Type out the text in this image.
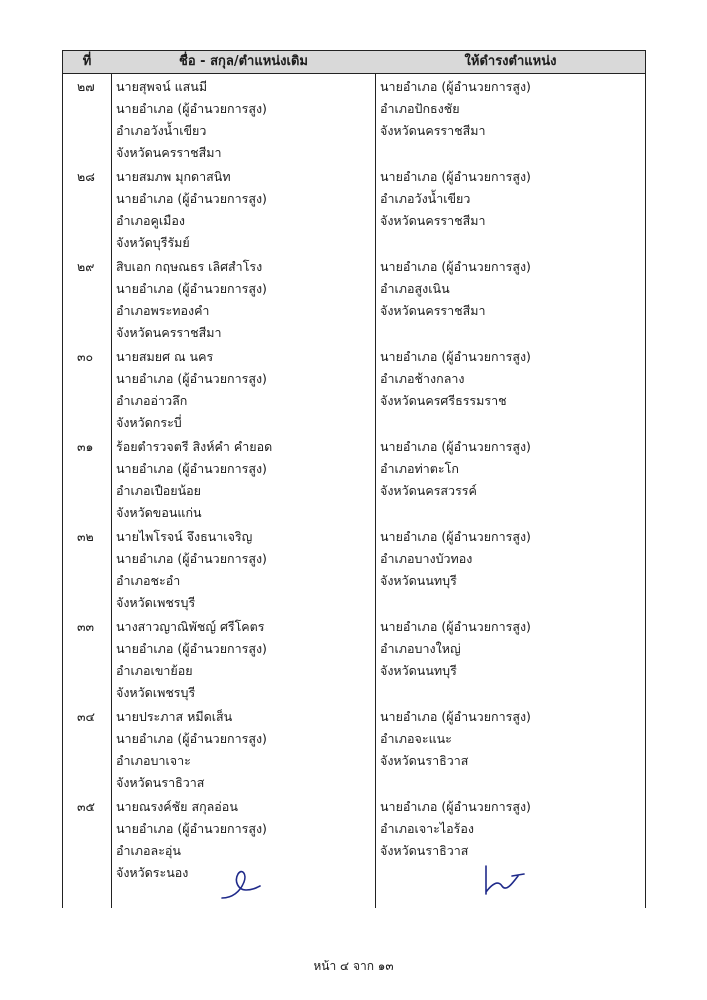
ที่	ชื่อ - สกุล/ตำแหน่งเดิม	ให้ดำรงตำแหน่ง
๒๗ นายสุพจน์ แสนมี
นายอำเภอ (ผู้อำนวยการสูง)
อำเภอวังน้ำเขียว
จังหวัดนครราชสีมา
นายอำเภอ (ผู้อำนวยการสูง)
อำเภอปักธงชัย
จังหวัดนครราชสีมา
๒๘ นายสมภพ มุกดาสนิท
นายอำเภอ (ผู้อำนวยการสูง)
อำเภอคูเมือง
จังหวัดบุรีรัมย์
นายอำเภอ (ผู้อำนวยการสูง)
อำเภอวังน้ำเขียว
จังหวัดนครราชสีมา
๒๙ สิบเอก กฤษณธร เลิศสำโรง
นายอำเภอ (ผู้อำนวยการสูง)
อำเภอพระทองคำ
จังหวัดนครราชสีมา
นายอำเภอ (ผู้อำนวยการสูง)
อำเภอสูงเนิน
จังหวัดนครราชสีมา
๓๐ นายสมยศ ณ นคร
นายอำเภอ (ผู้อำนวยการสูง)
อำเภออ่าวลึก
จังหวัดกระบี่
นายอำเภอ (ผู้อำนวยการสูง)
อำเภอช้างกลาง
จังหวัดนครศรีธรรมราช
๓๑ ร้อยตำรวจตรี สิงห์คำ คำยอด
นายอำเภอ (ผู้อำนวยการสูง)
อำเภอเปือยน้อย
จังหวัดขอนแก่น
นายอำเภอ (ผู้อำนวยการสูง)
อำเภอท่าตะโก
จังหวัดนครสวรรค์
๓๒ นายไพโรจน์ จึงธนาเจริญ
นายอำเภอ (ผู้อำนวยการสูง)
อำเภอชะอำ
จังหวัดเพชรบุรี
นายอำเภอ (ผู้อำนวยการสูง)
อำเภอบางบัวทอง
จังหวัดนนทบุรี
๓๓ นางสาวญาณิพัชญ์ ศรีโคตร
นายอำเภอ (ผู้อำนวยการสูง)
อำเภอเขาย้อย
จังหวัดเพชรบุรี
นายอำเภอ (ผู้อำนวยการสูง)
อำเภอบางใหญ่
จังหวัดนนทบุรี
๓๔ นายประภาส หมีดเส็น
นายอำเภอ (ผู้อำนวยการสูง)
อำเภอบาเจาะ
จังหวัดนราธิวาส
นายอำเภอ (ผู้อำนวยการสูง)
อำเภอจะแนะ
จังหวัดนราธิวาส
๓๕ นายณรงค์ชัย สกุลอ่อน
นายอำเภอ (ผู้อำนวยการสูง)
อำเภอละอุ่น
จังหวัดระนอง
นายอำเภอ (ผู้อำนวยการสูง)
อำเภอเจาะไอร้อง
จังหวัดนราธิวาส
หน้า ๔ จาก ๑๓
